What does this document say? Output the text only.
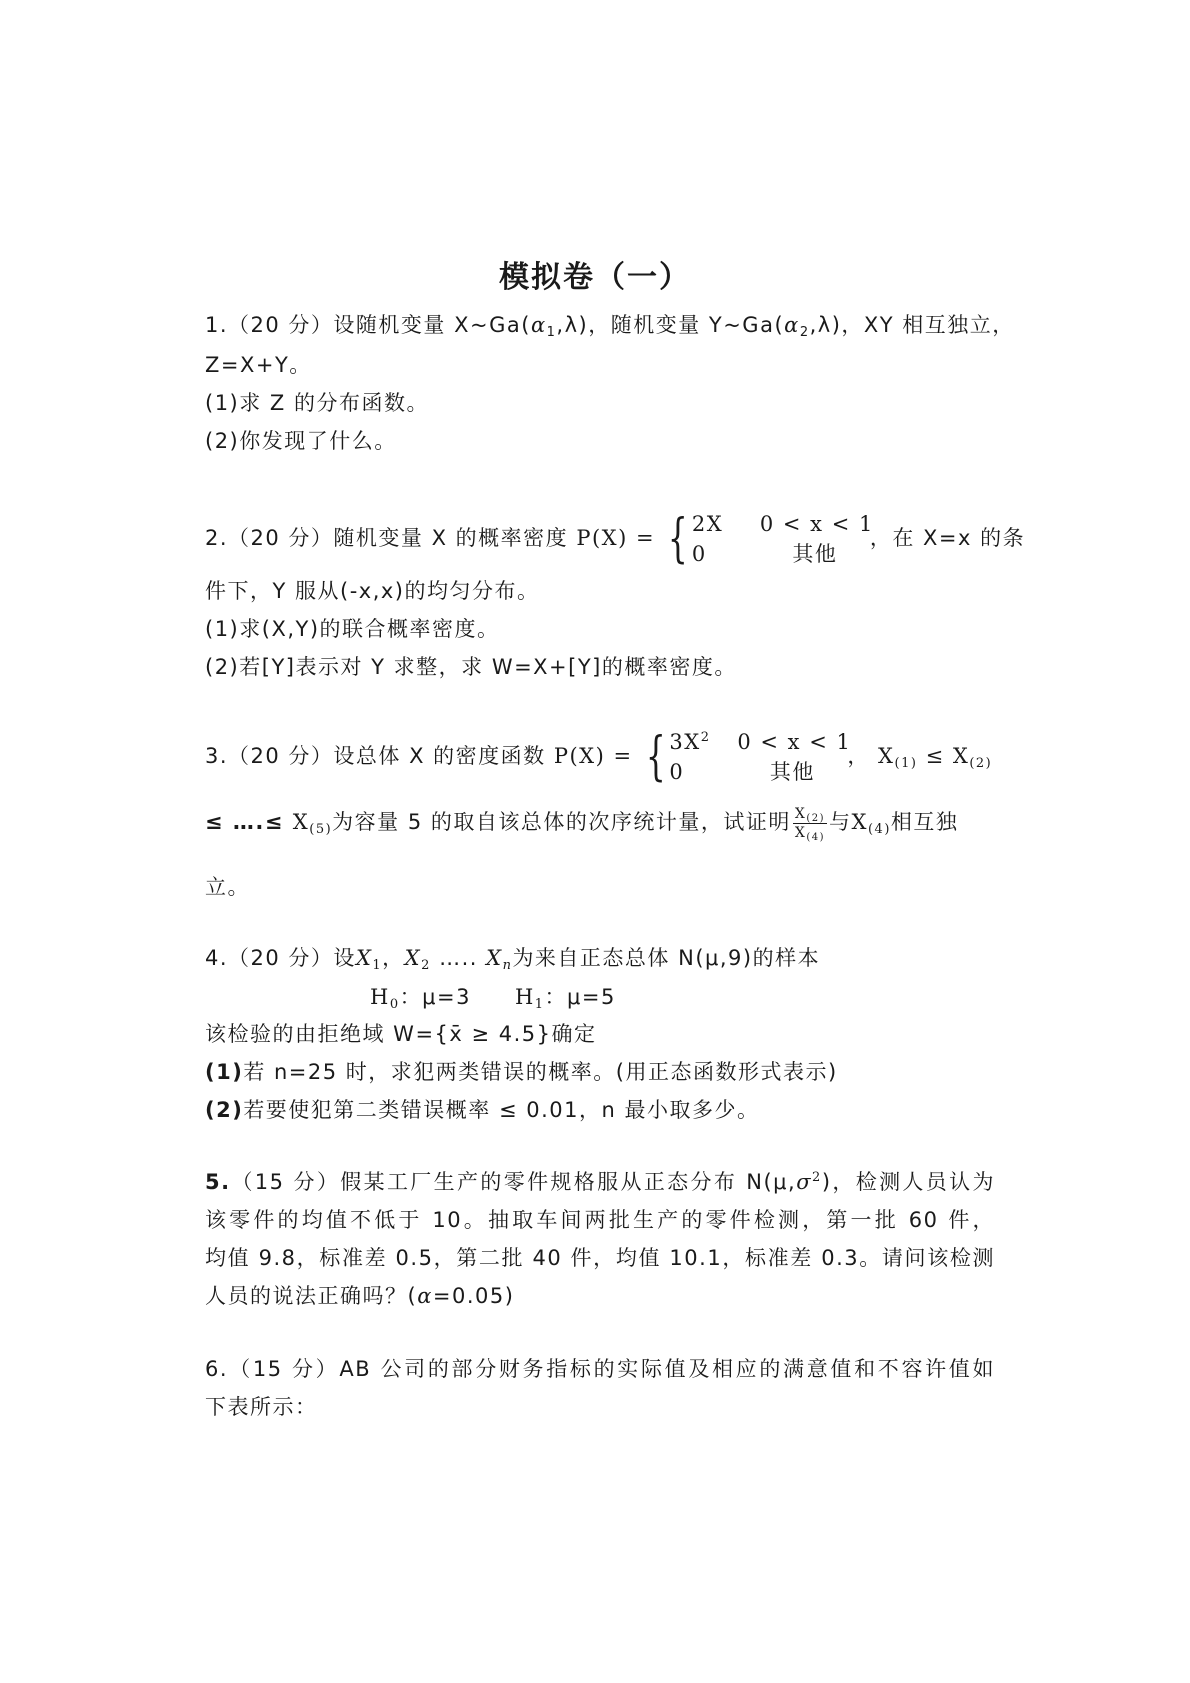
模拟卷（一）
1.（20 分）设随机变量 $X\sim Ga(\alpha_1,\lambda)$，随机变量 $Y\sim Ga(\alpha_2,\lambda)$，XY 相互独立，
Z=X+Y。
(1)求 Z 的分布函数。
(2)你发现了什么。
2.（20 分）随机变量 X 的概率密度 P(X) = { 2X	0 < x < 1
0	其他
，在 X=x 的条
件下，Y 服从(-x,x)的均匀分布。
(1)求(X,Y)的联合概率密度。
(2)若[Y]表示对 Y 求整，求 W=X+[Y]的概率密度。
3.（20 分）设总体 X 的密度函数 P(X) = { $3X^2$	0 < x < 1
0	其他
， $X_{(1)} \le X_{(2)}$
≤ ….≤ $X_{(5)}$为容量 5 的取自该总体的次序统计量，试证明 $\frac{X_{(2)}}{X_{(4)}}$ 与$X_{(4)}$相互独
立。
4.（20 分）设$X_1$，$X_2$ ….. $X_n$为来自正态总体 N(μ,9)的样本
$H_0$：μ=3 $H_1$：μ=5
该检验的由拒绝域 W={x̄ ≥ 4.5}确定
(1)若 n=25 时，求犯两类错误的概率。(用正态函数形式表示)
(2)若要使犯第二类错误概率 ≤ 0.01，n 最小取多少。
5.（15 分）假某工厂生产的零件规格服从正态分布 $N(\mu,\sigma^2)$，检测人员认为
该零件的均值不低于 10。抽取车间两批生产的零件检测，第一批 60 件，
均值 9.8，标准差 0.5，第二批 40 件，均值 10.1，标准差 0.3。请问该检测
人员的说法正确吗？(α=0.05)
6.（15 分）AB 公司的部分财务指标的实际值及相应的满意值和不容许值如
下表所示：
